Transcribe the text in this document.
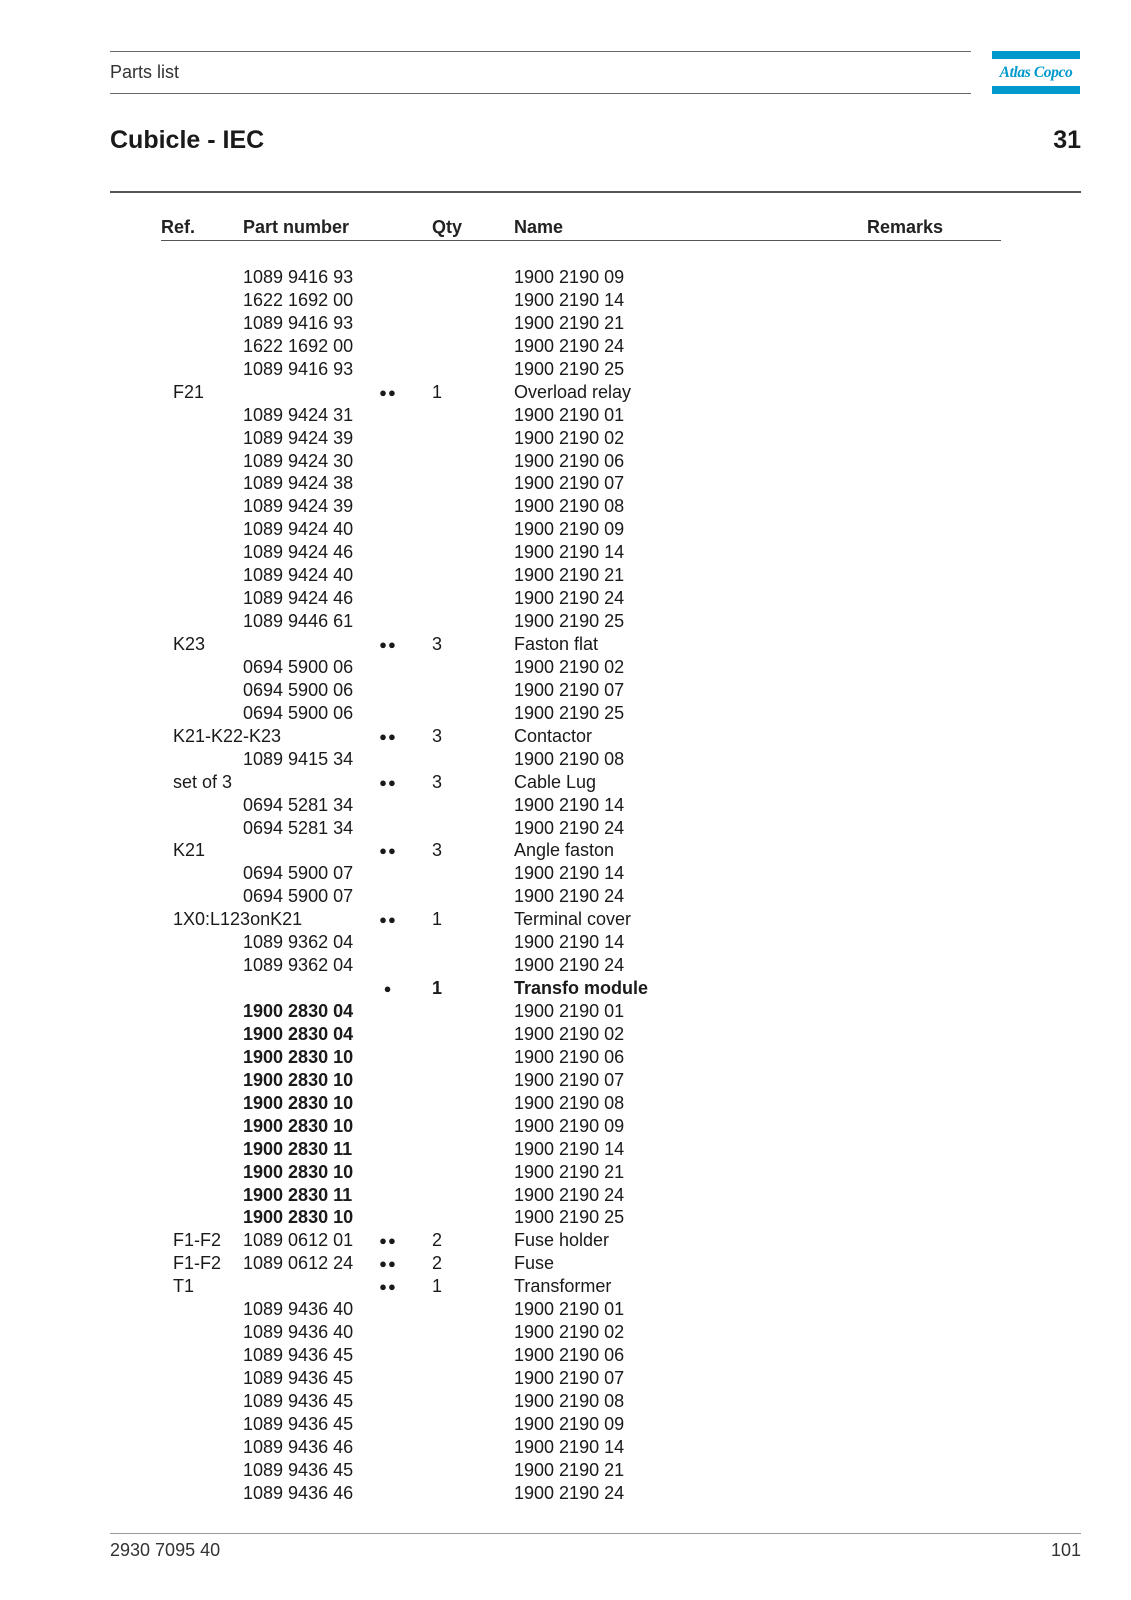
Parts list	Atlas Copco
Cubicle - IEC	31
Ref.	Part number	Qty	Name	Remarks
1089 9416 93	1900 2190 09
1622 1692 00	1900 2190 14
1089 9416 93	1900 2190 21
1622 1692 00	1900 2190 24
1089 9416 93	1900 2190 25
F21	●● 1	Overload relay
1089 9424 31	1900 2190 01
1089 9424 39	1900 2190 02
1089 9424 30	1900 2190 06
1089 9424 38	1900 2190 07
1089 9424 39	1900 2190 08
1089 9424 40	1900 2190 09
1089 9424 46	1900 2190 14
1089 9424 40	1900 2190 21
1089 9424 46	1900 2190 24
1089 9446 61	1900 2190 25
K23	●● 3	Faston flat
0694 5900 06	1900 2190 02
0694 5900 06	1900 2190 07
0694 5900 06	1900 2190 25
K21-K22-K23	●● 3	Contactor
1089 9415 34	1900 2190 08
set of 3	●● 3	Cable Lug
0694 5281 34	1900 2190 14
0694 5281 34	1900 2190 24
K21	●● 3	Angle faston
0694 5900 07	1900 2190 14
0694 5900 07	1900 2190 24
1X0:L123onK21	●● 1	Terminal cover
1089 9362 04	1900 2190 14
1089 9362 04	1900 2190 24
●	1	Transfo module
1900 2830 04	1900 2190 01
1900 2830 04	1900 2190 02
1900 2830 10	1900 2190 06
1900 2830 10	1900 2190 07
1900 2830 10	1900 2190 08
1900 2830 10	1900 2190 09
1900 2830 11	1900 2190 14
1900 2830 10	1900 2190 21
1900 2830 11	1900 2190 24
1900 2830 10	1900 2190 25
F1-F2 1089 0612 01	●● 2	Fuse holder
F1-F2 1089 0612 24	●● 2	Fuse
T1	●● 1	Transformer
1089 9436 40	1900 2190 01
1089 9436 40	1900 2190 02
1089 9436 45	1900 2190 06
1089 9436 45	1900 2190 07
1089 9436 45	1900 2190 08
1089 9436 45	1900 2190 09
1089 9436 46	1900 2190 14
1089 9436 45	1900 2190 21
1089 9436 46	1900 2190 24
2930 7095 40	101
